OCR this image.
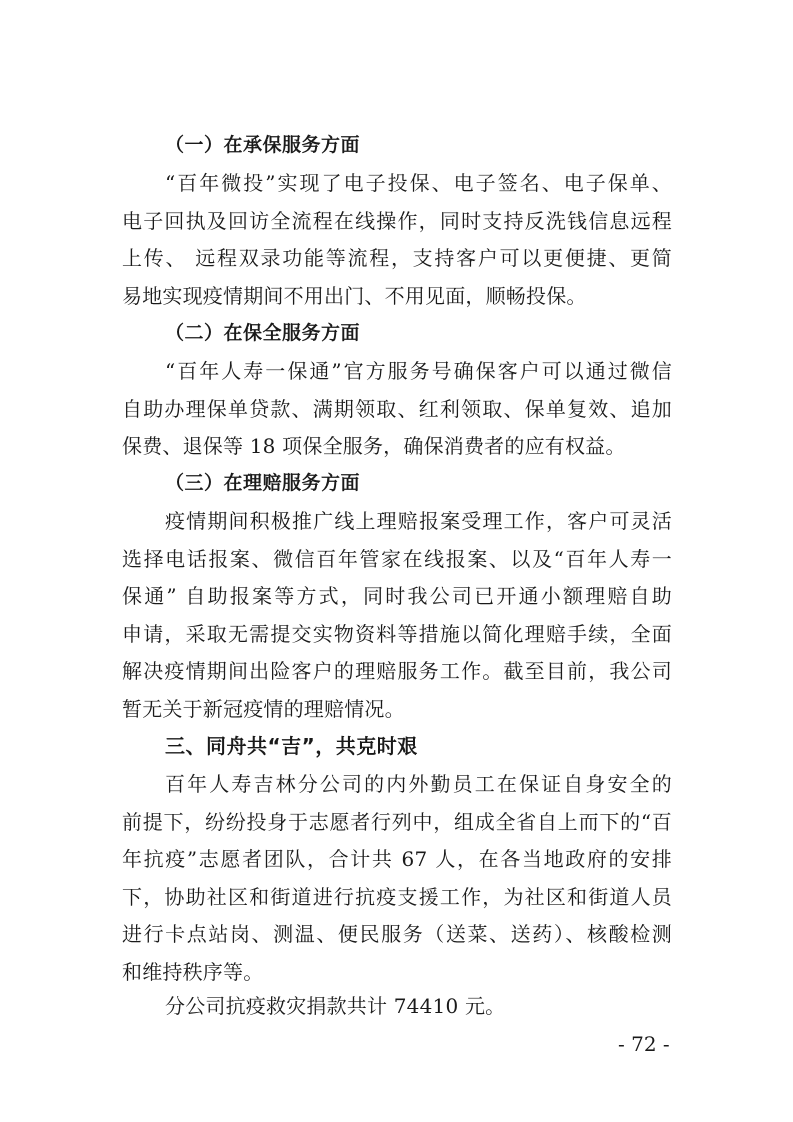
（一）在承保服务方面
“百年微投”实现了电子投保、电子签名、电子保单、
电子回执及回访全流程在线操作，同时支持反洗钱信息远程
上传、 远程双录功能等流程，支持客户可以更便捷、更简
易地实现疫情期间不用出门、不用见面，顺畅投保。
（二）在保全服务方面
“百年人寿一保通”官方服务号确保客户可以通过微信
自助办理保单贷款、满期领取、红利领取、保单复效、追加
保费、退保等 18 项保全服务，确保消费者的应有权益。
（三）在理赔服务方面
疫情期间积极推广线上理赔报案受理工作，客户可灵活
选择电话报案、微信百年管家在线报案、以及“百年人寿一
保通” 自助报案等方式，同时我公司已开通小额理赔自助
申请，采取无需提交实物资料等措施以简化理赔手续，全面
解决疫情期间出险客户的理赔服务工作。截至目前，我公司
暂无关于新冠疫情的理赔情况。
三、同舟共“吉”，共克时艰
百年人寿吉林分公司的内外勤员工在保证自身安全的
前提下，纷纷投身于志愿者行列中，组成全省自上而下的“百
年抗疫”志愿者团队，合计共 67 人，在各当地政府的安排
下，协助社区和街道进行抗疫支援工作，为社区和街道人员
进行卡点站岗、测温、便民服务（送菜、送药）、核酸检测
和维持秩序等。
分公司抗疫救灾捐款共计 74410 元。
- 72 -
